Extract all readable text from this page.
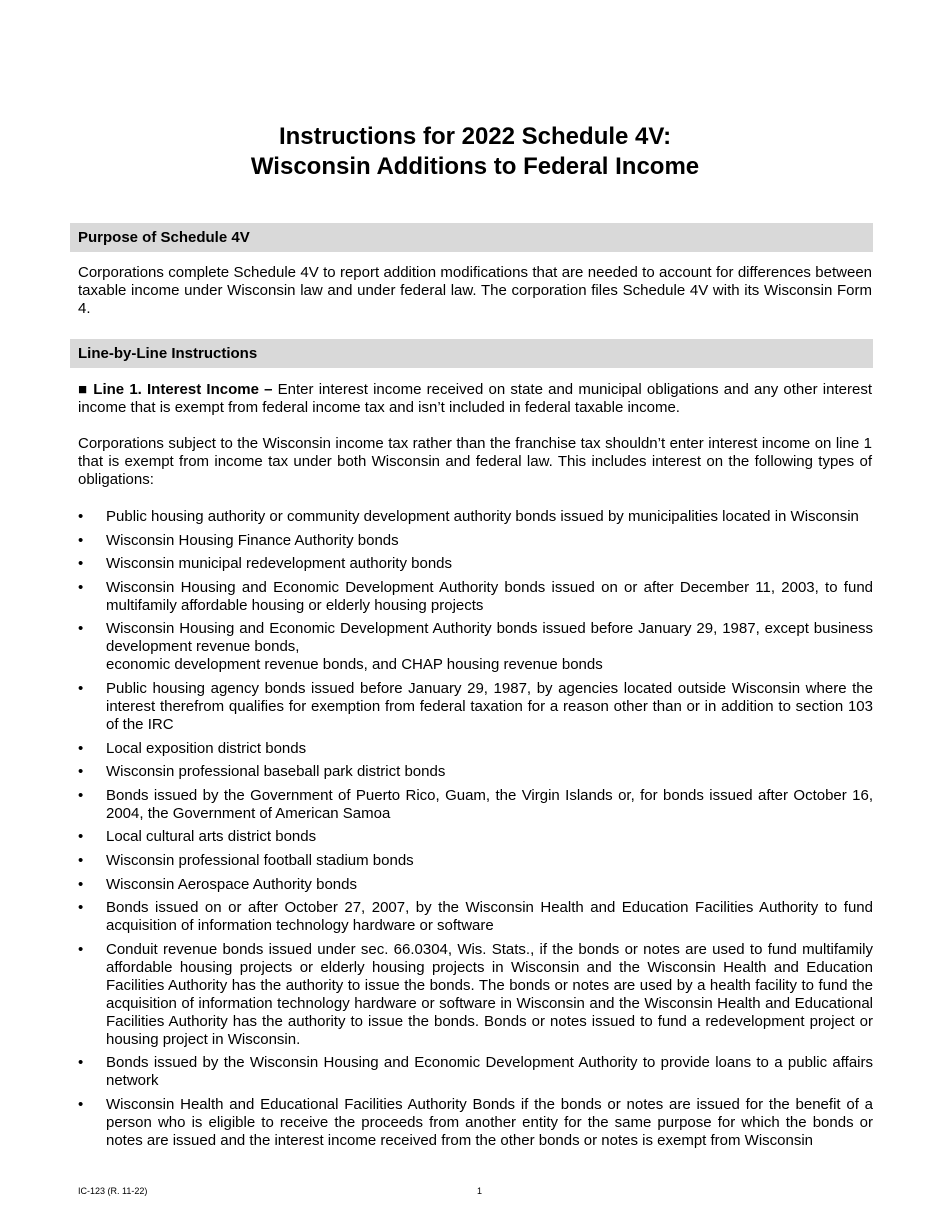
Instructions for 2022 Schedule 4V:
Wisconsin Additions to Federal Income
Purpose of Schedule 4V
Corporations complete Schedule 4V to report addition modifications that are needed to account for differences between taxable income under Wisconsin law and under federal law. The corporation files Schedule 4V with its Wisconsin Form 4.
Line-by-Line Instructions
■ Line 1. Interest Income – Enter interest income received on state and municipal obligations and any other interest income that is exempt from federal income tax and isn’t included in federal taxable income.
Corporations subject to the Wisconsin income tax rather than the franchise tax shouldn’t enter interest income on line 1 that is exempt from income tax under both Wisconsin and federal law. This includes interest on the following types of obligations:
• Public housing authority or community development authority bonds issued by municipalities located in Wisconsin
• Wisconsin Housing Finance Authority bonds
• Wisconsin municipal redevelopment authority bonds
• Wisconsin Housing and Economic Development Authority bonds issued on or after December 11, 2003, to fund multifamily affordable housing or elderly housing projects
• Wisconsin Housing and Economic Development Authority bonds issued before January 29, 1987, except business development revenue bonds,
economic development revenue bonds, and CHAP housing revenue bonds
• Public housing agency bonds issued before January 29, 1987, by agencies located outside Wisconsin where the interest therefrom qualifies for exemption from federal taxation for a reason other than or in addition to section 103 of the IRC
• Local exposition district bonds
• Wisconsin professional baseball park district bonds
• Bonds issued by the Government of Puerto Rico, Guam, the Virgin Islands or, for bonds issued after October 16, 2004, the Government of American Samoa
• Local cultural arts district bonds
• Wisconsin professional football stadium bonds
• Wisconsin Aerospace Authority bonds
• Bonds issued on or after October 27, 2007, by the Wisconsin Health and Education Facilities Authority to fund acquisition of information technology hardware or software
• Conduit revenue bonds issued under sec. 66.0304, Wis. Stats., if the bonds or notes are used to fund multifamily affordable housing projects or elderly housing projects in Wisconsin and the Wisconsin Health and Education Facilities Authority has the authority to issue the bonds. The bonds or notes are used by a health facility to fund the acquisition of information technology hardware or software in Wisconsin and the Wisconsin Health and Educational Facilities Authority has the authority to issue the bonds. Bonds or notes issued to fund a redevelopment project or housing project in Wisconsin.
• Bonds issued by the Wisconsin Housing and Economic Development Authority to provide loans to a public affairs network
• Wisconsin Health and Educational Facilities Authority Bonds if the bonds or notes are issued for the benefit of a person who is eligible to receive the proceeds from another entity for the same purpose for which the bonds or notes are issued and the interest income received from the other bonds or notes is exempt from Wisconsin
IC-123 (R. 11-22)	1
